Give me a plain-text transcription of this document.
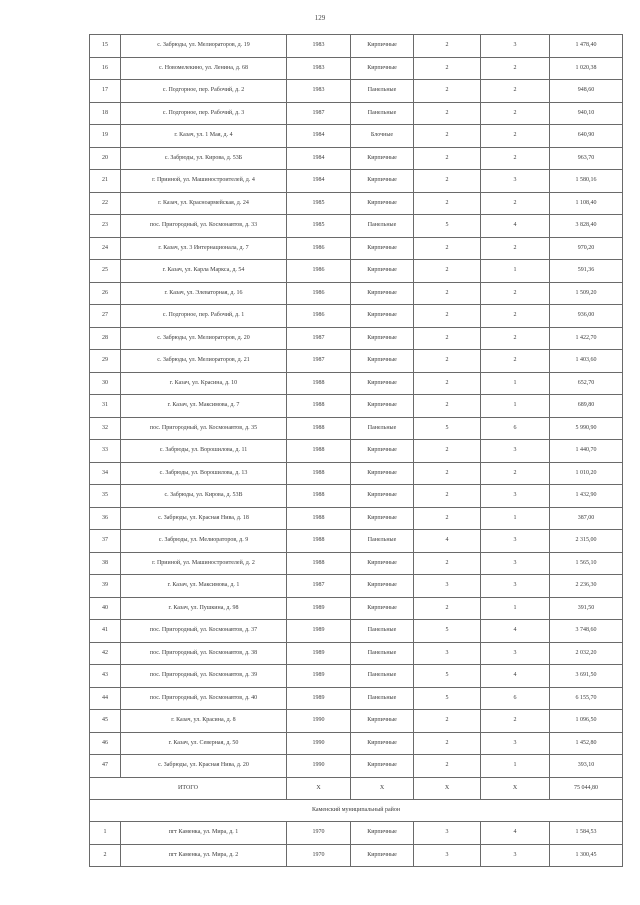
129
15	с. Забрюды, ул. Мелиораторов, д. 19	1983	Кирпичные	2	3	1 478,40
16	с. Новомелекино, ул. Ленина, д. 68	1983	Кирпичные	2	2	1 020,38
17	с. Подгорное, пер. Рабочий, д. 2	1983	Панельные	2	2	948,60
18	с. Подгорное, пер. Рабочий, д. 3	1987	Панельные	2	2	940,10
19	г. Казач, ул. 1 Мая, д. 4	1984	Блочные	2	2	640,90
20	с. Забрюды, ул. Кирова, д. 53Б	1984	Кирпичные	2	2	963,70
21	г. Прииной, ул. Машиностроителей, д. 4	1984	Кирпичные	2	3	1 580,16
22	г. Казач, ул. Красноармейская, д. 24	1985	Кирпичные	2	2	1 108,40
23	пос. Пригородный, ул. Космонавтов, д. 33	1985	Панельные	5	4	3 828,40
24	г. Казач, ул. 3 Интернационала, д. 7	1986	Кирпичные	2	2	970,20
25	г. Казач, ул. Карла Маркса, д. 54	1986	Кирпичные	2	1	591,36
26	г. Казач, ул. Элеваторная, д. 16	1986	Кирпичные	2	2	1 509,20
27	с. Подгорное, пер. Рабочий, д. 1	1986	Кирпичные	2	2	936,00
28	с. Забрюды, ул. Мелиораторов, д. 20	1987	Кирпичные	2	2	1 422,70
29	с. Забрюды, ул. Мелиораторов, д. 21	1987	Кирпичные	2	2	1 403,60
30	г. Казач, ул. Красина, д. 10	1988	Кирпичные	2	1	652,70
31	г. Казач, ул. Максимова, д. 7	1988	Кирпичные	2	1	689,80
32	пос. Пригородный, ул. Космонавтов, д. 35	1988	Панельные	5	6	5 990,90
33	с. Забрюды, ул. Ворошилова, д. 11	1988	Кирпичные	2	3	1 440,70
34	с. Забрюды, ул. Ворошилова, д. 13	1988	Кирпичные	2	2	1 010,20
35	с. Забрюды, ул. Кирова, д. 53В	1988	Кирпичные	2	3	1 432,90
36	с. Забрюды, ул. Красная Нива, д. 18	1988	Кирпичные	2	1	387,00
37	с. Забрюды, ул. Мелиораторов, д. 9	1988	Панельные	4	3	2 315,00
38	г. Прииной, ул. Машиностроителей, д. 2	1988	Кирпичные	2	3	1 565,10
39	г. Казач, ул. Максимова, д. 1	1987	Кирпичные	3	3	2 236,30
40	г. Казач, ул. Пушкина, д. 98	1989	Кирпичные	2	1	391,50
41	пос. Пригородный, ул. Космонавтов, д. 37	1989	Панельные	5	4	3 748,60
42	пос. Пригородный, ул. Космонавтов, д. 38	1989	Панельные	3	3	2 032,20
43	пос. Пригородный, ул. Космонавтов, д. 39	1989	Панельные	5	4	3 691,50
44	пос. Пригородный, ул. Космонавтов, д. 40	1989	Панельные	5	6	6 155,70
45	г. Казач, ул. Красина, д. 8	1990	Кирпичные	2	2	1 096,50
46	г. Казач, ул. Северная, д. 50	1990	Кирпичные	2	3	1 452,80
47	с. Забрюды, ул. Красная Нива, д. 20	1990	Кирпичные	2	1	393,10
ИТОГО		Х	Х	Х	Х	75 044,80
Каменский муниципальный район						
1	пгт Каменка, ул. Мира, д. 1	1970	Кирпичные	3	4	1 584,53
2	пгт Каменка, ул. Мира, д. 2	1970	Кирпичные	3	3	1 300,45
